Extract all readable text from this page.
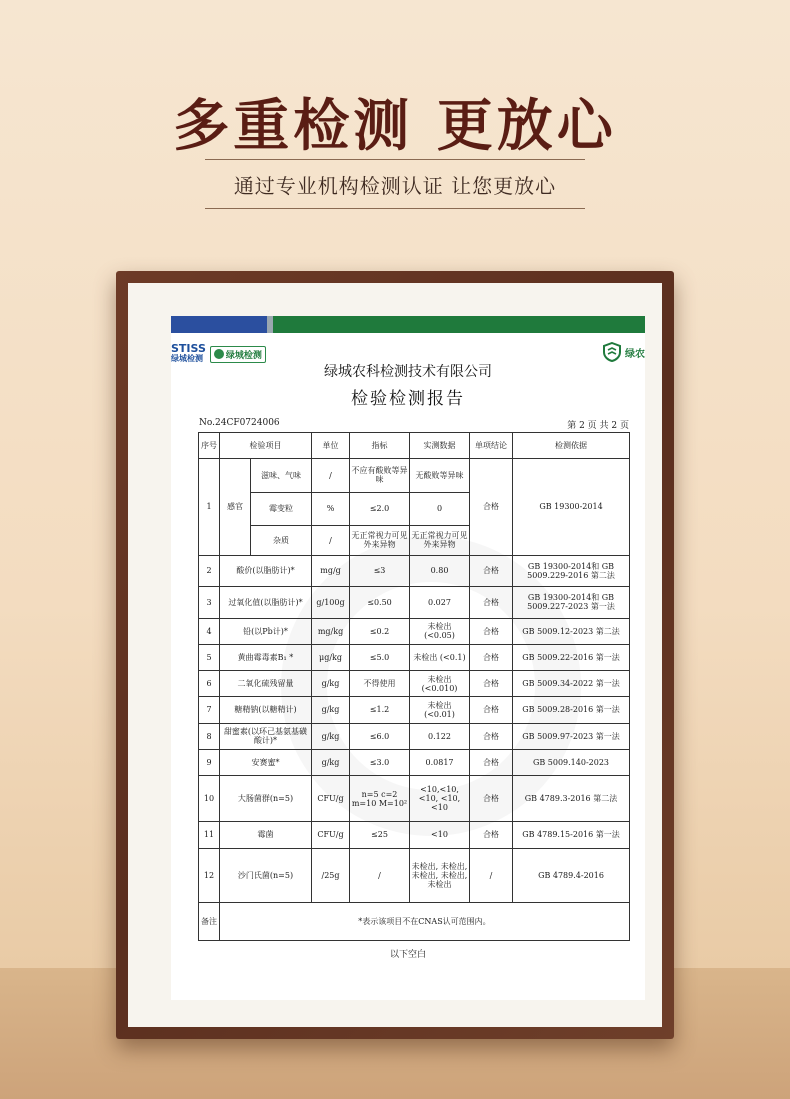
多重检测 更放心
通过专业机构检测认证 让您更放心
STISS
绿城检测	绿城检测	绿农
绿城农科检测技术有限公司
检验检测报告
No.24CF0724006	第 2 页 共 2 页
序号	检验项目		单位	指标	实测数据	单项结论	检测依据
1	感官	滋味、气味	/	不应有酸败等异味	无酸败等异味	合格	GB 19300-2014
		霉变粒	%	≤2.0	0		
		杂质	/	无正常视力可见外来异物	无正常视力可见外来异物		
2	酸价(以脂肪计)*		mg/g	≤3	0.80	合格	GB 19300-2014和 GB 5009.229-2016 第二法
3	过氧化值(以脂肪计)*		g/100g	≤0.50	0.027	合格	GB 19300-2014和 GB 5009.227-2023 第一法
4	铅(以Pb计)*		mg/kg	≤0.2	未检出 (<0.05)	合格	GB 5009.12-2023 第二法
5	黄曲霉毒素B₁ *		μg/kg	≤5.0	未检出 (<0.1)	合格	GB 5009.22-2016 第一法
6	二氧化硫残留量		g/kg	不得使用	未检出 (<0.010)	合格	GB 5009.34-2022 第一法
7	糖精钠(以糖精计)		g/kg	≤1.2	未检出 (<0.01)	合格	GB 5009.28-2016 第一法
8	甜蜜素(以环己基氨基磺酸计)*		g/kg	≤6.0	0.122	合格	GB 5009.97-2023 第一法
9	安赛蜜*		g/kg	≤3.0	0.0817	合格	GB 5009.140-2023
10	大肠菌群(n=5)		CFU/g	n=5 c=2 m=10 M=10²	<10,<10,<10, <10,<10	合格	GB 4789.3-2016 第二法
11	霉菌		CFU/g	≤25	<10	合格	GB 4789.15-2016 第一法
12	沙门氏菌(n=5)		/25g	/	未检出, 未检出, 未检出, 未检出, 未检出	/	GB 4789.4-2016
备注	*表示该项目不在CNAS认可范围内。						
以下空白
